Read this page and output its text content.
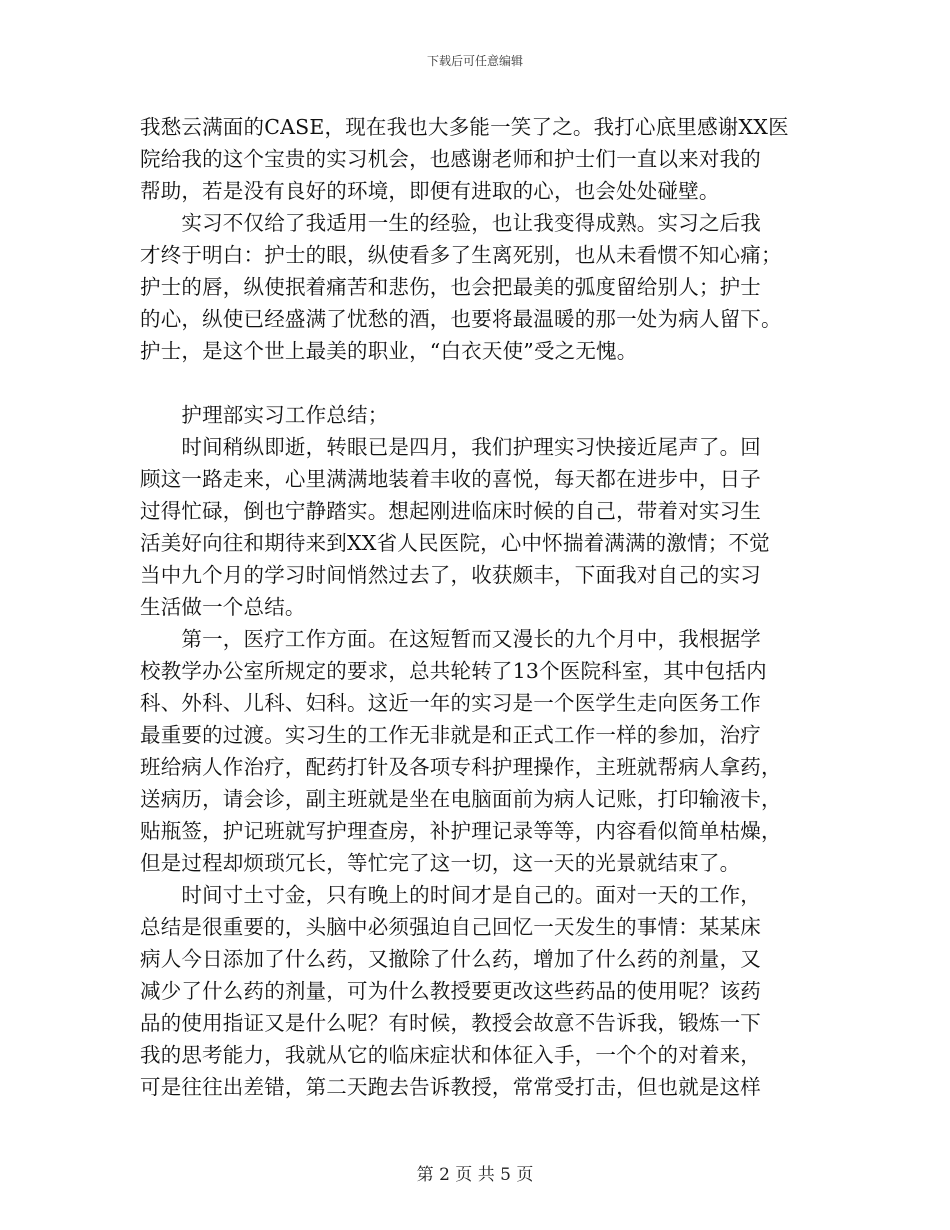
下载后可任意编辑
我愁云满面的CASE，现在我也大多能一笑了之。我打心底里感谢XX医
院给我的这个宝贵的实习机会，也感谢老师和护士们一直以来对我的
帮助，若是没有良好的环境，即便有进取的心，也会处处碰壁。
　　实习不仅给了我适用一生的经验，也让我变得成熟。实习之后我
才终于明白：护士的眼，纵使看多了生离死别，也从未看惯不知心痛；
护士的唇，纵使抿着痛苦和悲伤，也会把最美的弧度留给别人；护士
的心，纵使已经盛满了忧愁的酒，也要将最温暖的那一处为病人留下。
护士，是这个世上最美的职业，“白衣天使”受之无愧。
　　护理部实习工作总结；
　　时间稍纵即逝，转眼已是四月，我们护理实习快接近尾声了。回
顾这一路走来，心里满满地装着丰收的喜悦，每天都在进步中，日子
过得忙碌，倒也宁静踏实。想起刚进临床时候的自己，带着对实习生
活美好向往和期待来到XX省人民医院，心中怀揣着满满的激情；不觉
当中九个月的学习时间悄然过去了，收获颇丰，下面我对自己的实习
生活做一个总结。
　　第一，医疗工作方面。在这短暂而又漫长的九个月中，我根据学
校教学办公室所规定的要求，总共轮转了13个医院科室，其中包括内
科、外科、儿科、妇科。这近一年的实习是一个医学生走向医务工作
最重要的过渡。实习生的工作无非就是和正式工作一样的参加，治疗
班给病人作治疗，配药打针及各项专科护理操作，主班就帮病人拿药，
送病历，请会诊，副主班就是坐在电脑面前为病人记账，打印输液卡，
贴瓶签，护记班就写护理查房，补护理记录等等，内容看似简单枯燥，
但是过程却烦琐冗长，等忙完了这一切，这一天的光景就结束了。
　　时间寸土寸金，只有晚上的时间才是自己的。面对一天的工作，
总结是很重要的，头脑中必须强迫自己回忆一天发生的事情：某某床
病人今日添加了什么药，又撤除了什么药，增加了什么药的剂量，又
减少了什么药的剂量，可为什么教授要更改这些药品的使用呢？该药
品的使用指证又是什么呢？有时候，教授会故意不告诉我，锻炼一下
我的思考能力，我就从它的临床症状和体征入手，一个个的对着来，
可是往往出差错，第二天跑去告诉教授，常常受打击，但也就是这样
第 2 页 共 5 页
